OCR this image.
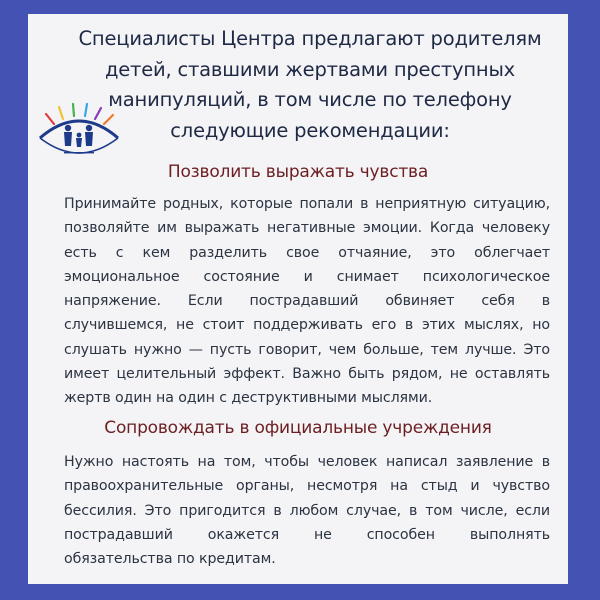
Специалисты Центра предлагают родителям
детей, ставшими жертвами преступных
манипуляций, в том числе по телефону
следующие рекомендации:
Позволить выражать чувства
Принимайте родных, которые попали в неприятную ситуацию,
позволяйте им выражать негативные эмоции. Когда человеку
есть с кем разделить свое отчаяние, это облегчает
эмоциональное состояние и снимает психологическое
напряжение. Если пострадавший обвиняет себя в
случившемся, не стоит поддерживать его в этих мыслях, но
слушать нужно — пусть говорит, чем больше, тем лучше. Это
имеет целительный эффект. Важно быть рядом, не оставлять
жертв один на один с деструктивными мыслями.
Сопровождать в официальные учреждения
Нужно настоять на том, чтобы человек написал заявление в
правоохранительные органы, несмотря на стыд и чувство
бессилия. Это пригодится в любом случае, в том числе, если
пострадавший окажется не способен выполнять
обязательства по кредитам.
